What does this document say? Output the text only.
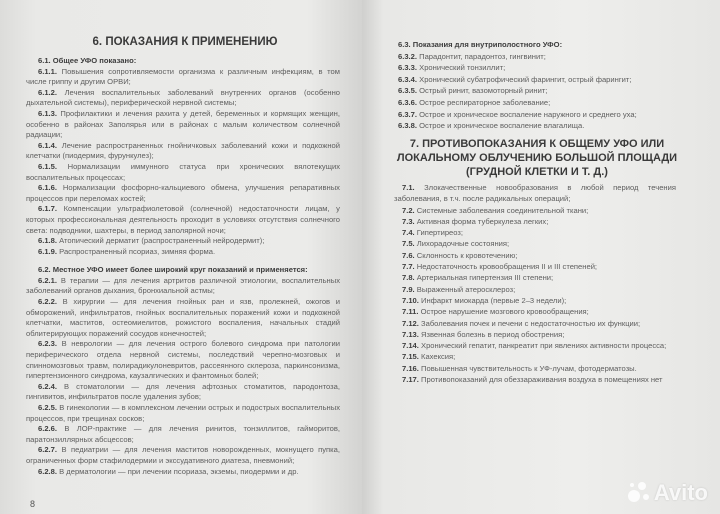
6. ПОКАЗАНИЯ К ПРИМЕНЕНИЮ
6.1. Общее УФО показано:
6.1.1. Повышения сопротивляемости организма к различным инфекциям, в том числе гриппу и другим ОРВИ;
6.1.2. Лечения воспалительных заболеваний внутренних органов (особенно дыхательной системы), периферической нервной системы;
6.1.3. Профилактики и лечения рахита у детей, беременных и кормящих женщин, особенно в районах Заполярья или в районах с малым количеством солнечной радиации;
6.1.4. Лечение распространенных гнойничковых заболеваний кожи и подкожной клетчатки (пиодермия, фурункулез);
6.1.5. Нормализации иммунного статуса при хронических вялотекущих воспалительных процессах;
6.1.6. Нормализации фосфорно-кальциевого обмена, улучшения репаративных процессов при переломах костей;
6.1.7. Компенсации ультрафиолетовой (солнечной) недостаточности лицам, у которых профессиональная деятельность проходит в условиях отсутствия солнечного света: подводники, шахтеры, в период заполярной ночи;
6.1.8. Атопический дерматит (распространенный нейродермит);
6.1.9. Распространенный псориаз, зимняя форма.
6.2. Местное УФО имеет более широкий круг показаний и применяется:
6.2.1. В терапии — для лечения артритов различной этиологии, воспалительных заболеваний органов дыхания, бронхиальной астмы;
6.2.2. В хирургии — для лечения гнойных ран и язв, пролежней, ожогов и обморожений, инфильтратов, гнойных воспалительных поражений кожи и подкожной клетчатки, маститов, остеомиелитов, рожистого воспаления, начальных стадий облитерирующих поражений сосудов конечностей;
6.2.3. В неврологии — для лечения острого болевого синдрома при патологии периферического отдела нервной системы, последствий черепно-мозговых и спинномозговых травм, полирадикулоневритов, рассеянного склероза, паркинсонизма, гипертензионного синдрома, каузалгических и фантомных болей;
6.2.4. В стоматологии — для лечения афтозных стоматитов, пародонтоза, гингивитов, инфильтратов после удаления зубов;
6.2.5. В гинекологии — в комплексном лечении острых и подострых воспалительных процессов, при трещинах сосков;
6.2.6. В ЛОР-практике — для лечения ринитов, тонзиллитов, гайморитов, паратонзиллярных абсцессов;
6.2.7. В педиатрии — для лечения маститов новорожденных, мокнущего пупка, ограниченных форм стафилодермии и экссудативного диатеза, пневмоний;
6.2.8. В дерматологии — при лечении псориаза, экземы, пиодермии и др.
8
6.3. Показания для внутриполостного УФО:
6.3.2. Парадонтит, парадонтоз, гингвинит;
6.3.3. Хронический тонзиллит;
6.3.4. Хронический субатрофический фарингит, острый фарингит;
6.3.5. Острый ринит, вазомоторный ринит;
6.3.6. Острое респираторное заболевание;
6.3.7. Острое и хроническое воспаление наружного и среднего уха;
6.3.8. Острое и хроническое воспаление влагалища.
7. ПРОТИВОПОКАЗАНИЯ К ОБЩЕМУ УФО ИЛИ
ЛОКАЛЬНОМУ ОБЛУЧЕНИЮ БОЛЬШОЙ ПЛОЩАДИ
(ГРУДНОЙ КЛЕТКИ И Т. Д.)
7.1. Злокачественные новообразования в любой период течения заболевания, в т.ч. после радикальных операций;
7.2. Системные заболевания соединительной ткани;
7.3. Активная форма туберкулеза легких;
7.4. Гипертиреоз;
7.5. Лихорадочные состояния;
7.6. Склонность к кровотечению;
7.7. Недостаточность кровообращения II и III степеней;
7.8. Артериальная гипертензия III степени;
7.9. Выраженный атеросклероз;
7.10. Инфаркт миокарда (первые 2–3 недели);
7.11. Острое нарушение мозгового кровообращения;
7.12. Заболевания почек и печени с недостаточностью их функции;
7.13. Язвенная болезнь в период обострения;
7.14. Хронический гепатит, панкреатит при явлениях активности процесса;
7.15. Кахексия;
7.16. Повышенная чувствительность к УФ-лучам, фотодерматозы.
7.17. Противопоказаний для обеззараживания воздуха в помещениях нет
Avito
